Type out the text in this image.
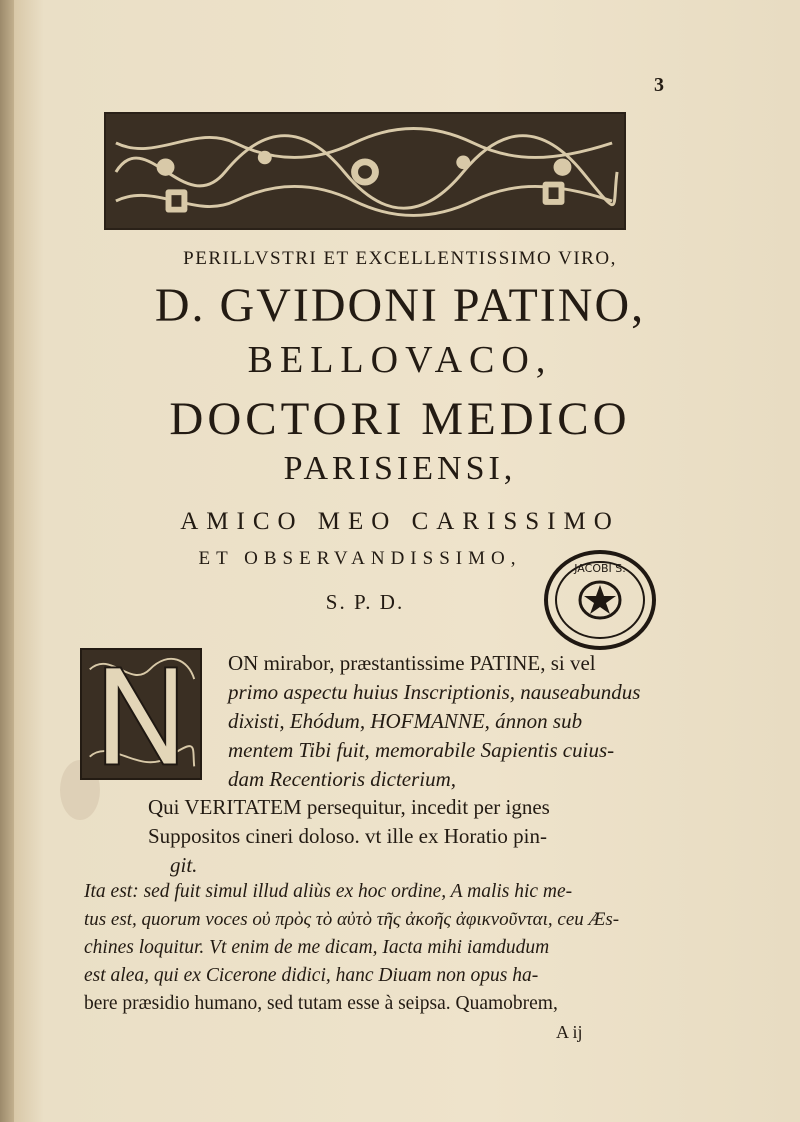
3
PERILLVSTRI ET EXCELLENTISSIMO VIRO,
D. GVIDONI PATINO,
BELLOVACO,
DOCTORI MEDICO
PARISIENSI,
AMICO MEO CARISSIMO
ET OBSERVANDISSIMO,
S. P. D.
JACOBI S.
N
ON mirabor, præstantissime PATINE, si vel
primo aspectu huius Inscriptionis, nauseabundus
dixisti, Ehódum, HOFMANNE, ánnon sub
mentem Tibi fuit, memorabile Sapientis cuius-
dam Recentioris dicterium,
Qui VERITATEM persequitur, incedit per ignes
Suppositos cineri doloso. vt ille ex Horatio pin-
git.
Ita est: sed fuit simul illud aliùs ex hoc ordine, A malis hic me-
tus est, quorum voces οὐ πρὸς τὸ αὐτὸ τῆς ἀκοῆς ἀφικνοῦνται, ceu Æs-
chines loquitur. Vt enim de me dicam, Iacta mihi iamdudum
est alea, qui ex Cicerone didici, hanc Diuam non opus ha-
bere præsidio humano, sed tutam esse à seipsa. Quamobrem,
A ij
